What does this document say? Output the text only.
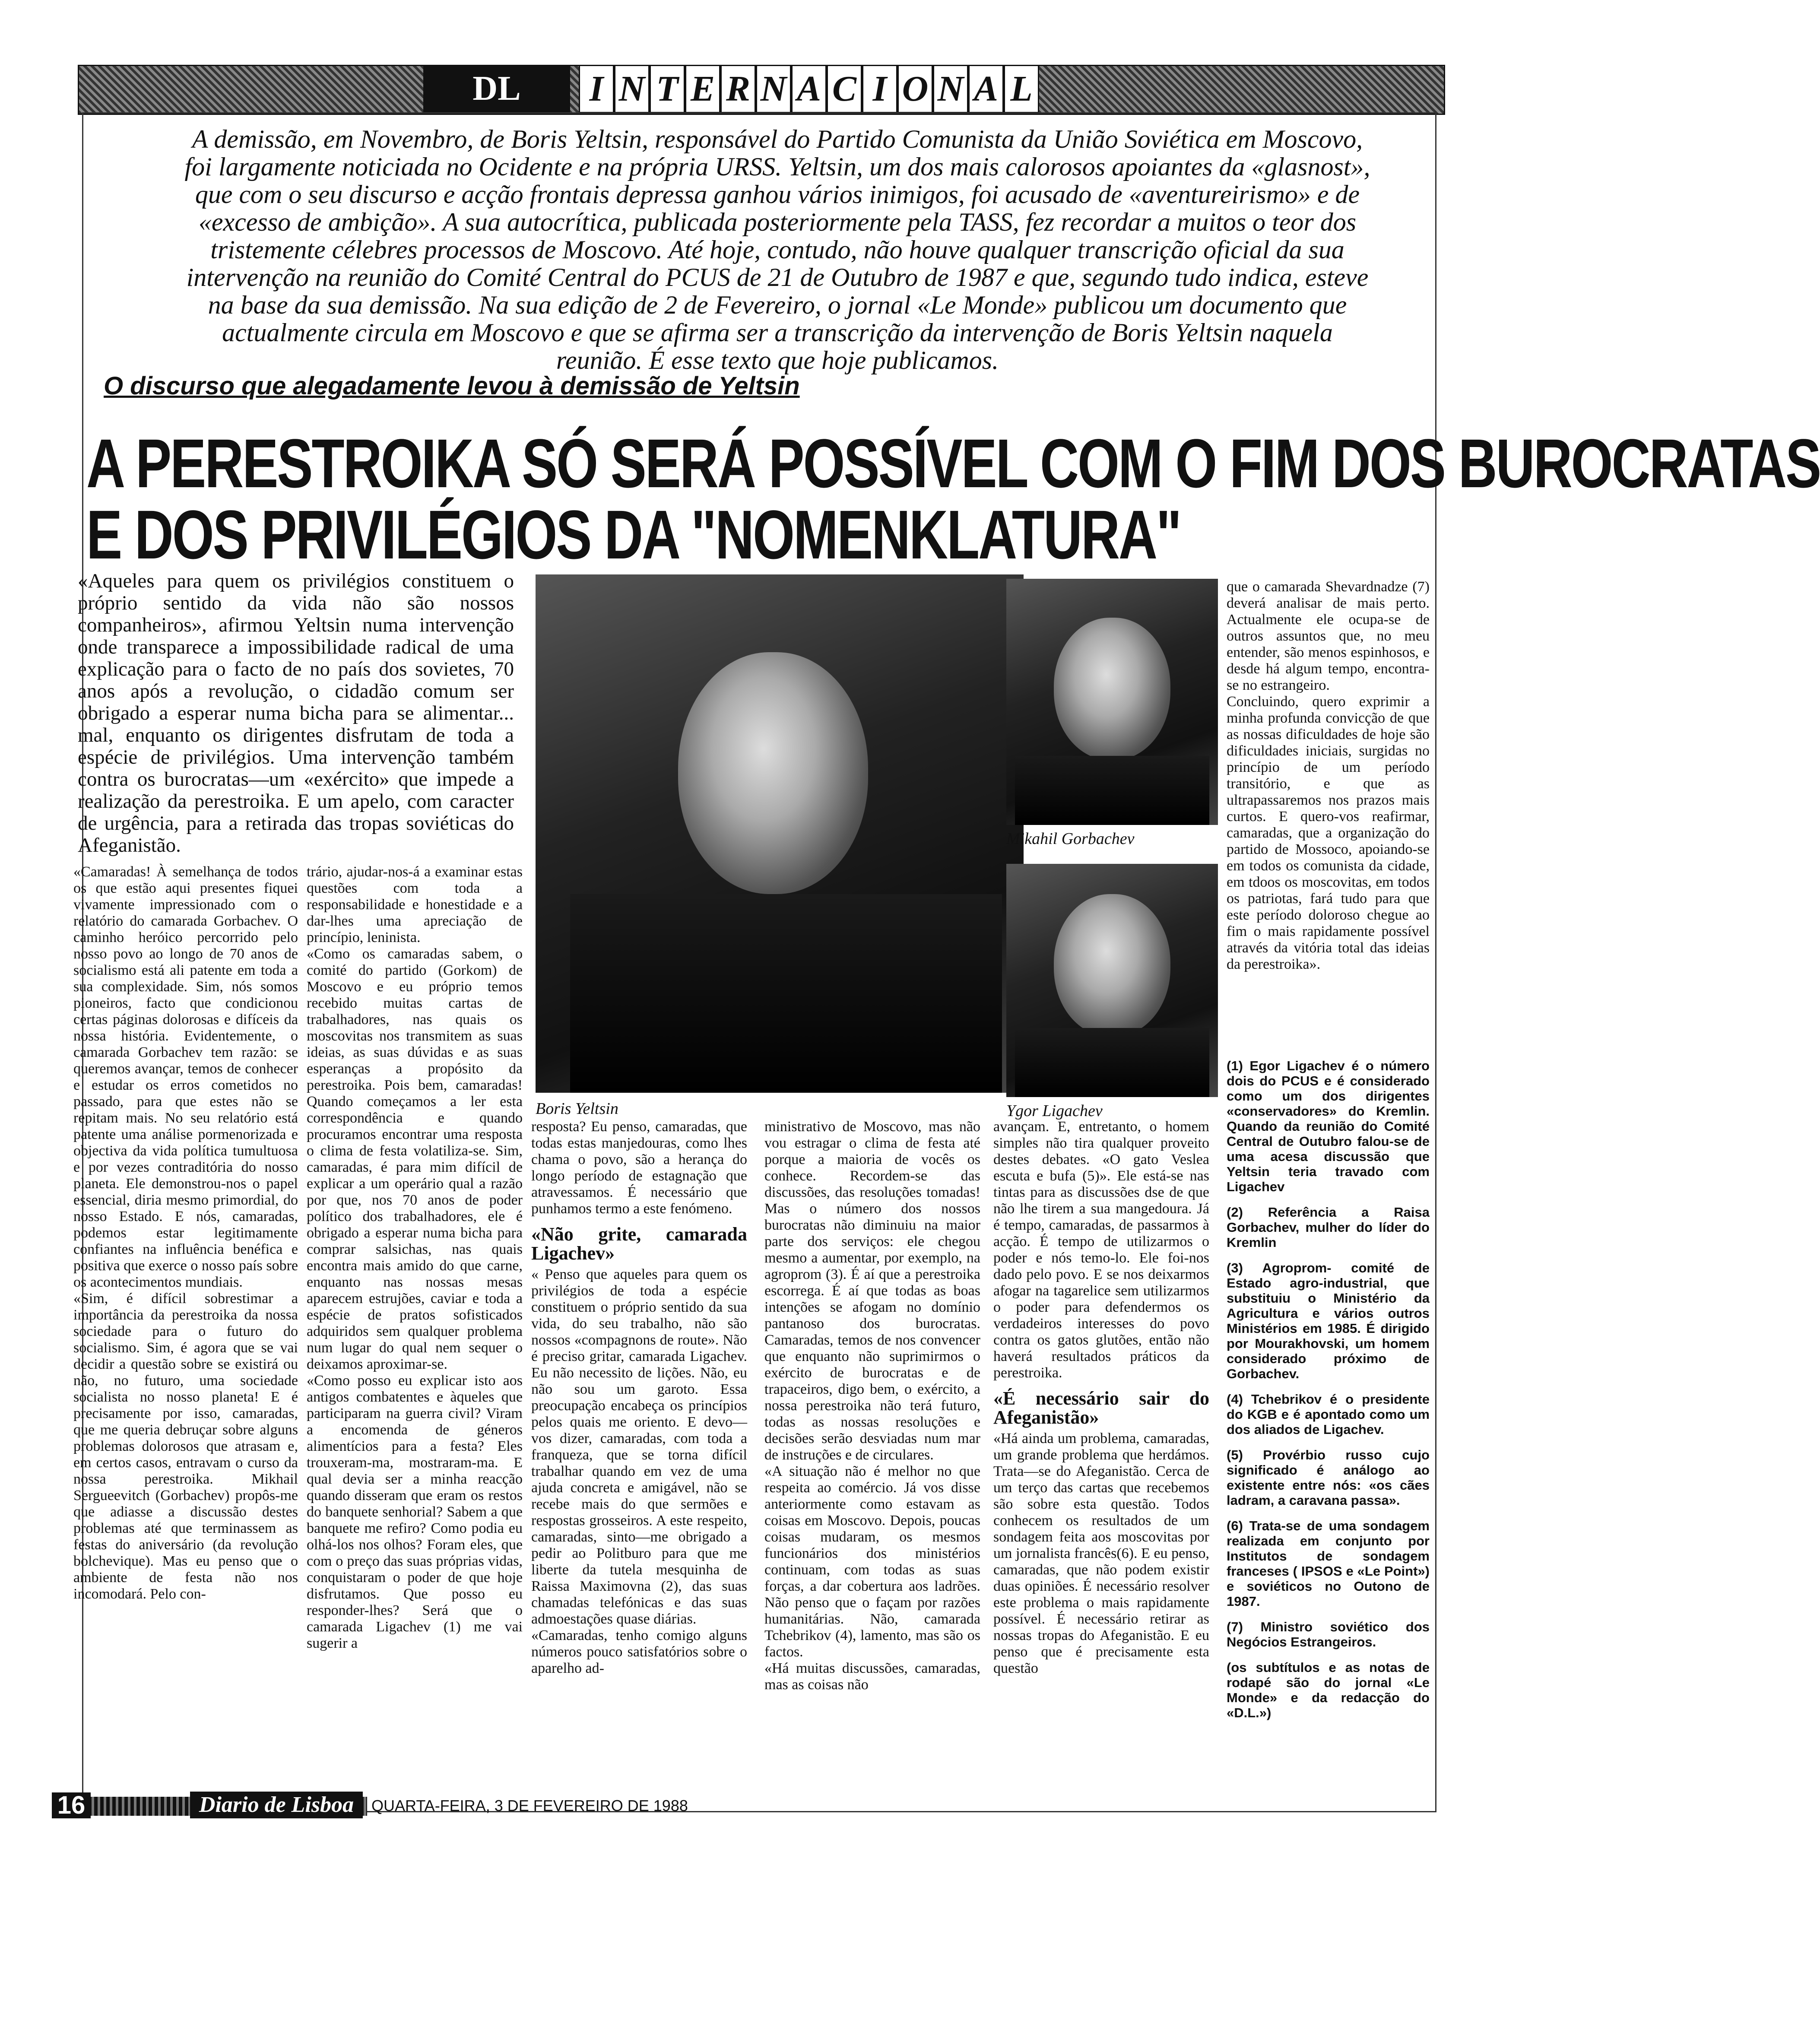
DL	I N T E R N A C I O N A L
A demissão, em Novembro, de Boris Yeltsin, responsável do Partido Comunista da União Soviética em Moscovo, foi largamente noticiada no Ocidente e na própria URSS. Yeltsin, um dos mais calorosos apoiantes da «glasnost», que com o seu discurso e acção frontais depressa ganhou vários inimigos, foi acusado de «aventureirismo» e de «excesso de ambição». A sua autocrítica, publicada posteriormente pela TASS, fez recordar a muitos o teor dos tristemente célebres processos de Moscovo. Até hoje, contudo, não houve qualquer transcrição oficial da sua intervenção na reunião do Comité Central do PCUS de 21 de Outubro de 1987 e que, segundo tudo indica, esteve na base da sua demissão. Na sua edição de 2 de Fevereiro, o jornal «Le Monde» publicou um documento que actualmente circula em Moscovo e que se afirma ser a transcrição da intervenção de Boris Yeltsin naquela reunião. É esse texto que hoje publicamos.
O discurso que alegadamente levou à demissão de Yeltsin
A PERESTROIKA SÓ SERÁ POSSÍVEL COM O FIM DOS BUROCRATAS
E DOS PRIVILÉGIOS DA "NOMENKLATURA"
«Aqueles para quem os privilégios constituem o próprio sentido da vida não são nossos companheiros», afirmou Yeltsin numa intervenção onde transparece a impossibilidade radical de uma explicação para o facto de no país dos sovietes, 70 anos após a revolução, o cidadão comum ser obrigado a esperar numa bicha para se alimentar... mal, enquanto os dirigentes disfrutam de toda a espécie de privilégios. Uma intervenção também contra os burocratas—um «exército» que impede a realização da perestroika. E um apelo, com caracter de urgência, para a retirada das tropas soviéticas do Afeganistão.
Boris Yeltsin
Mikahil Gorbachev
Ygor Ligachev

«Camaradas! À semelhança de todos os que estão aqui presentes fiquei vivamente impressionado com o relatório do camarada Gorbachev. O caminho heróico percorrido pelo nosso povo ao longo de 70 anos de socialismo está ali patente em toda a sua complexidade. Sim, nós somos pioneiros, facto que condicionou certas páginas dolorosas e difíceis da nossa história. Evidentemente, o camarada Gorbachev tem razão: se queremos avançar, temos de conhecer e estudar os erros cometidos no passado, para que estes não se repitam mais. No seu relatório está patente uma análise pormenorizada e objectiva da vida política tumultuosa e por vezes contraditória do nosso planeta. Ele demonstrou-nos o papel essencial, diria mesmo primordial, do nosso Estado. E nós, camaradas, podemos estar legitimamente confiantes na influência benéfica e positiva que exerce o nosso país sobre os acontecimentos mundiais.

«Sim, é difícil sobrestimar a importância da perestroika da nossa sociedade para o futuro do socialismo. Sim, é agora que se vai decidir a questão sobre se existirá ou não, no futuro, uma sociedade socialista no nosso planeta! E é precisamente por isso, camaradas, que me queria debruçar sobre alguns problemas dolorosos que atrasam e, em certos casos, entravam o curso da nossa perestroika. Mikhail Sergueevitch (Gorbachev) propôs-me que adiasse a discussão destes problemas até que terminassem as festas do aniversário (da revolução bolchevique). Mas eu penso que o ambiente de festa não nos incomodará. Pelo con-

trário, ajudar-nos-á a examinar estas questões com toda a responsabilidade e honestidade e a dar-lhes uma apreciação de princípio, leninista.

«Como os camaradas sabem, o comité do partido (Gorkom) de Moscovo e eu próprio temos recebido muitas cartas de trabalhadores, nas quais os moscovitas nos transmitem as suas ideias, as suas dúvidas e as suas esperanças a propósito da perestroika. Pois bem, camaradas! Quando começamos a ler esta correspondência e quando procuramos encontrar uma resposta o clima de festa volatiliza-se. Sim, camaradas, é para mim difícil de explicar a um operário qual a razão por que, nos 70 anos de poder político dos trabalhadores, ele é obrigado a esperar numa bicha para comprar salsichas, nas quais encontra mais amido do que carne, enquanto nas nossas mesas aparecem estrujões, caviar e toda a espécie de pratos sofisticados adquiridos sem qualquer problema num lugar do qual nem sequer o deixamos aproximar-se.

«Como posso eu explicar isto aos antigos combatentes e àqueles que participaram na guerra civil? Viram a encomenda de géneros alimentícios para a festa? Eles trouxeram-ma, mostraram-ma. E qual devia ser a minha reacção quando disseram que eram os restos do banquete senhorial? Sabem a que banquete me refiro? Como podia eu olhá-los nos olhos? Foram eles, que com o preço das suas próprias vidas, conquistaram o poder de que hoje disfrutamos. Que posso eu responder-lhes? Será que o camarada Ligachev (1) me vai sugerir a

resposta? Eu penso, camaradas, que todas estas manjedouras, como lhes chama o povo, são a herança do longo período de estagnação que atravessamos. É necessário que punhamos termo a este fenómeno.

«Não grite, camarada Ligachev»

« Penso que aqueles para quem os privilégios de toda a espécie constituem o próprio sentido da sua vida, do seu trabalho, não são nossos «compagnons de route». Não é preciso gritar, camarada Ligachev. Eu não necessito de lições. Não, eu não sou um garoto. Essa preocupação encabeça os princípios pelos quais me oriento. E devo—vos dizer, camaradas, com toda a franqueza, que se torna difícil trabalhar quando em vez de uma ajuda concreta e amigável, não se recebe mais do que sermões e respostas grosseiros. A este respeito, camaradas, sinto—me obrigado a pedir ao Politburo para que me liberte da tutela mesquinha de Raissa Maximovna (2), das suas chamadas telefónicas e das suas admoestações quase diárias.

«Camaradas, tenho comigo alguns números pouco satisfatórios sobre o aparelho ad-

ministrativo de Moscovo, mas não vou estragar o clima de festa até porque a maioria de vocês os conhece. Recordem-se das discussões, das resoluções tomadas! Mas o número dos nossos burocratas não diminuiu na maior parte dos serviços: ele chegou mesmo a aumentar, por exemplo, na agroprom (3). É aí que a perestroika escorrega. É aí que todas as boas intenções se afogam no domínio pantanoso dos burocratas. Camaradas, temos de nos convencer que enquanto não suprimirmos o exército de burocratas e de trapaceiros, digo bem, o exército, a nossa perestroika não terá futuro, todas as nossas resoluções e decisões serão desviadas num mar de instruções e de circulares.

«A situação não é melhor no que respeita ao comércio. Já vos disse anteriormente como estavam as coisas em Moscovo. Depois, poucas coisas mudaram, os mesmos funcionários dos ministérios continuam, com todas as suas forças, a dar cobertura aos ladrões. Não penso que o façam por razões humanitárias. Não, camarada Tchebrikov (4), lamento, mas são os factos.

«Há muitas discussões, camaradas, mas as coisas não

avançam. E, entretanto, o homem simples não tira qualquer proveito destes debates. «O gato Veslea escuta e bufa (5)». Ele está-se nas tintas para as discussões dse de que não lhe tirem a sua mangedoura. Já é tempo, camaradas, de passarmos à acção. É tempo de utilizarmos o poder e nós temo-lo. Ele foi-nos dado pelo povo. E se nos deixarmos afogar na tagarelice sem utilizarmos o poder para defendermos os verdadeiros interesses do povo contra os gatos glutões, então não haverá resultados práticos da perestroika.

«É necessário sair do Afeganistão»

«Há ainda um problema, camaradas, um grande problema que herdámos. Trata—se do Afeganistão. Cerca de um terço das cartas que recebemos são sobre esta questão. Todos conhecem os resultados de um sondagem feita aos moscovitas por um jornalista francês(6). E eu penso, camaradas, que não podem existir duas opiniões. É necessário resolver este problema o mais rapidamente possível. É necessário retirar as nossas tropas do Afeganistão. E eu penso que é precisamente esta questão

que o camarada Shevardnadze (7) deverá analisar de mais perto. Actualmente ele ocupa-se de outros assuntos que, no meu entender, são menos espinhosos, e desde há algum tempo, encontra-se no estrangeiro.

Concluindo, quero exprimir a minha profunda convicção de que as nossas dificuldades de hoje são dificuldades iniciais, surgidas no princípio de um período transitório, e que as ultrapassaremos nos prazos mais curtos. E quero-vos reafirmar, camaradas, que a organização do partido de Mossoco, apoiando-se em todos os comunista da cidade, em tdoos os moscovitas, em todos os patriotas, fará tudo para que este período doloroso chegue ao fim o mais rapidamente possível através da vitória total das ideias da perestroika».

(1) Egor Ligachev é o número dois do PCUS e é considerado como um dos dirigentes «conservadores» do Kremlin. Quando da reunião do Comité Central de Outubro falou-se de uma acesa discussão que Yeltsin teria travado com Ligachev

(2) Referência a Raisa Gorbachev, mulher do líder do Kremlin

(3) Agroprom- comité de Estado agro-industrial, que substituiu o Ministério da Agricultura e vários outros Ministérios em 1985. É dirigido por Mourakhovski, um homem considerado próximo de Gorbachev.

(4) Tchebrikov é o presidente do KGB e é apontado como um dos aliados de Ligachev.

(5) Provérbio russo cujo significado é análogo ao existente entre nós: «os cães ladram, a caravana passa».

(6) Trata-se de uma sondagem realizada em conjunto por Institutos de sondagem franceses ( IPSOS e «Le Point») e soviéticos no Outono de 1987.

(7) Ministro soviético dos Negócios Estrangeiros.

(os subtítulos e as notas de rodapé são do jornal «Le Monde» e da redacção do «D.L.»)

16	Diario de Lisboa	QUARTA-FEIRA, 3 DE FEVEREIRO DE 1988
